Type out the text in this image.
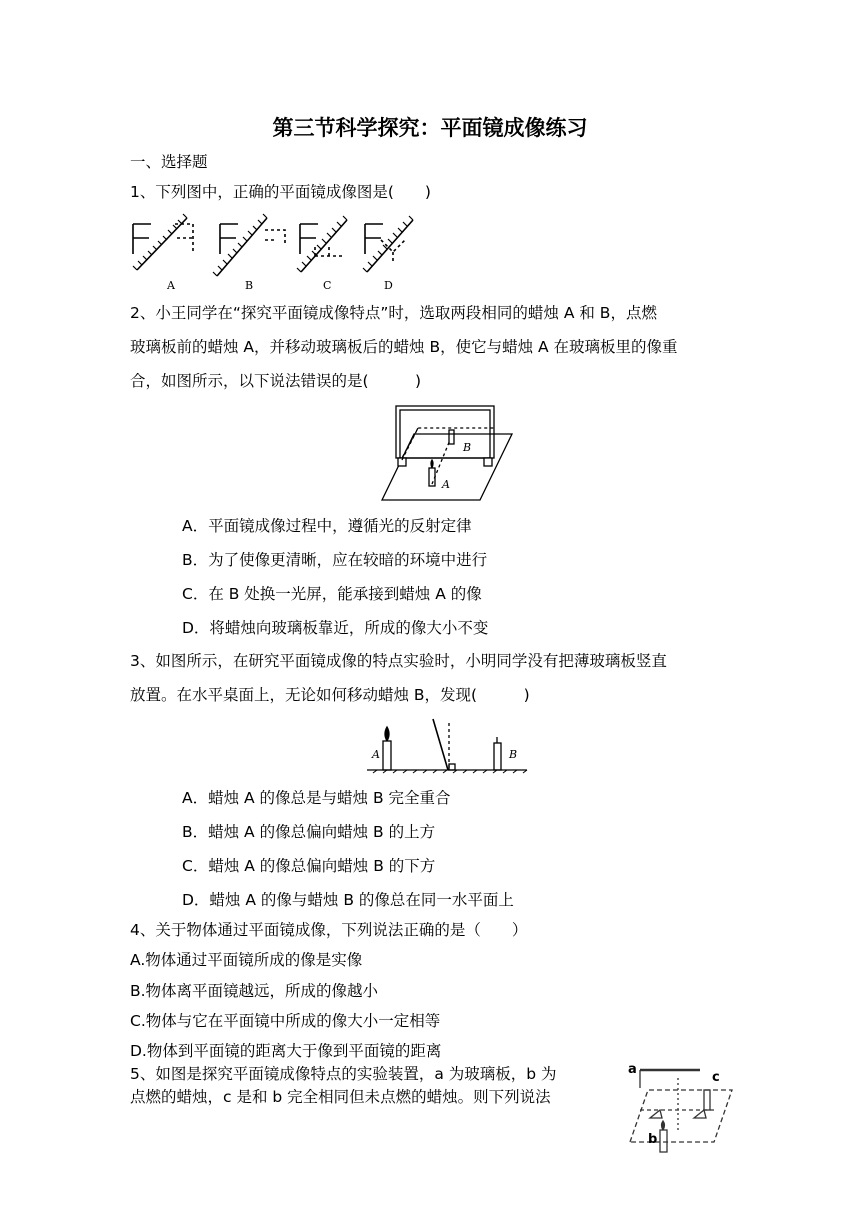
第三节科学探究：平面镜成像练习
一、选择题
1、下列图中，正确的平面镜成像图是(　　)
A	B	C	D
2、小王同学在“探究平面镜成像特点”时，选取两段相同的蜡烛 A 和 B，点燃
玻璃板前的蜡烛 A，并移动玻璃板后的蜡烛 B，使它与蜡烛 A 在玻璃板里的像重
合，如图所示，以下说法错误的是(　　　)
B
A
A．平面镜成像过程中，遵循光的反射定律
B．为了使像更清晰，应在较暗的环境中进行
C．在 B 处换一光屏，能承接到蜡烛 A 的像
D．将蜡烛向玻璃板靠近，所成的像大小不变
3、如图所示，在研究平面镜成像的特点实验时，小明同学没有把薄玻璃板竖直
放置。在水平桌面上，无论如何移动蜡烛 B，发现(　　　)
A	B
A．蜡烛 A 的像总是与蜡烛 B 完全重合
B．蜡烛 A 的像总偏向蜡烛 B 的上方
C．蜡烛 A 的像总偏向蜡烛 B 的下方
D．蜡烛 A 的像与蜡烛 B 的像总在同一水平面上
4、关于物体通过平面镜成像，下列说法正确的是（　　）
A.物体通过平面镜所成的像是实像
B.物体离平面镜越远，所成的像越小
C.物体与它在平面镜中所成的像大小一定相等
D.物体到平面镜的距离大于像到平面镜的距离
5、如图是探究平面镜成像特点的实验装置，a 为玻璃板，b 为
点燃的蜡烛，c 是和 b 完全相同但未点燃的蜡烛。则下列说法
a
c
b
